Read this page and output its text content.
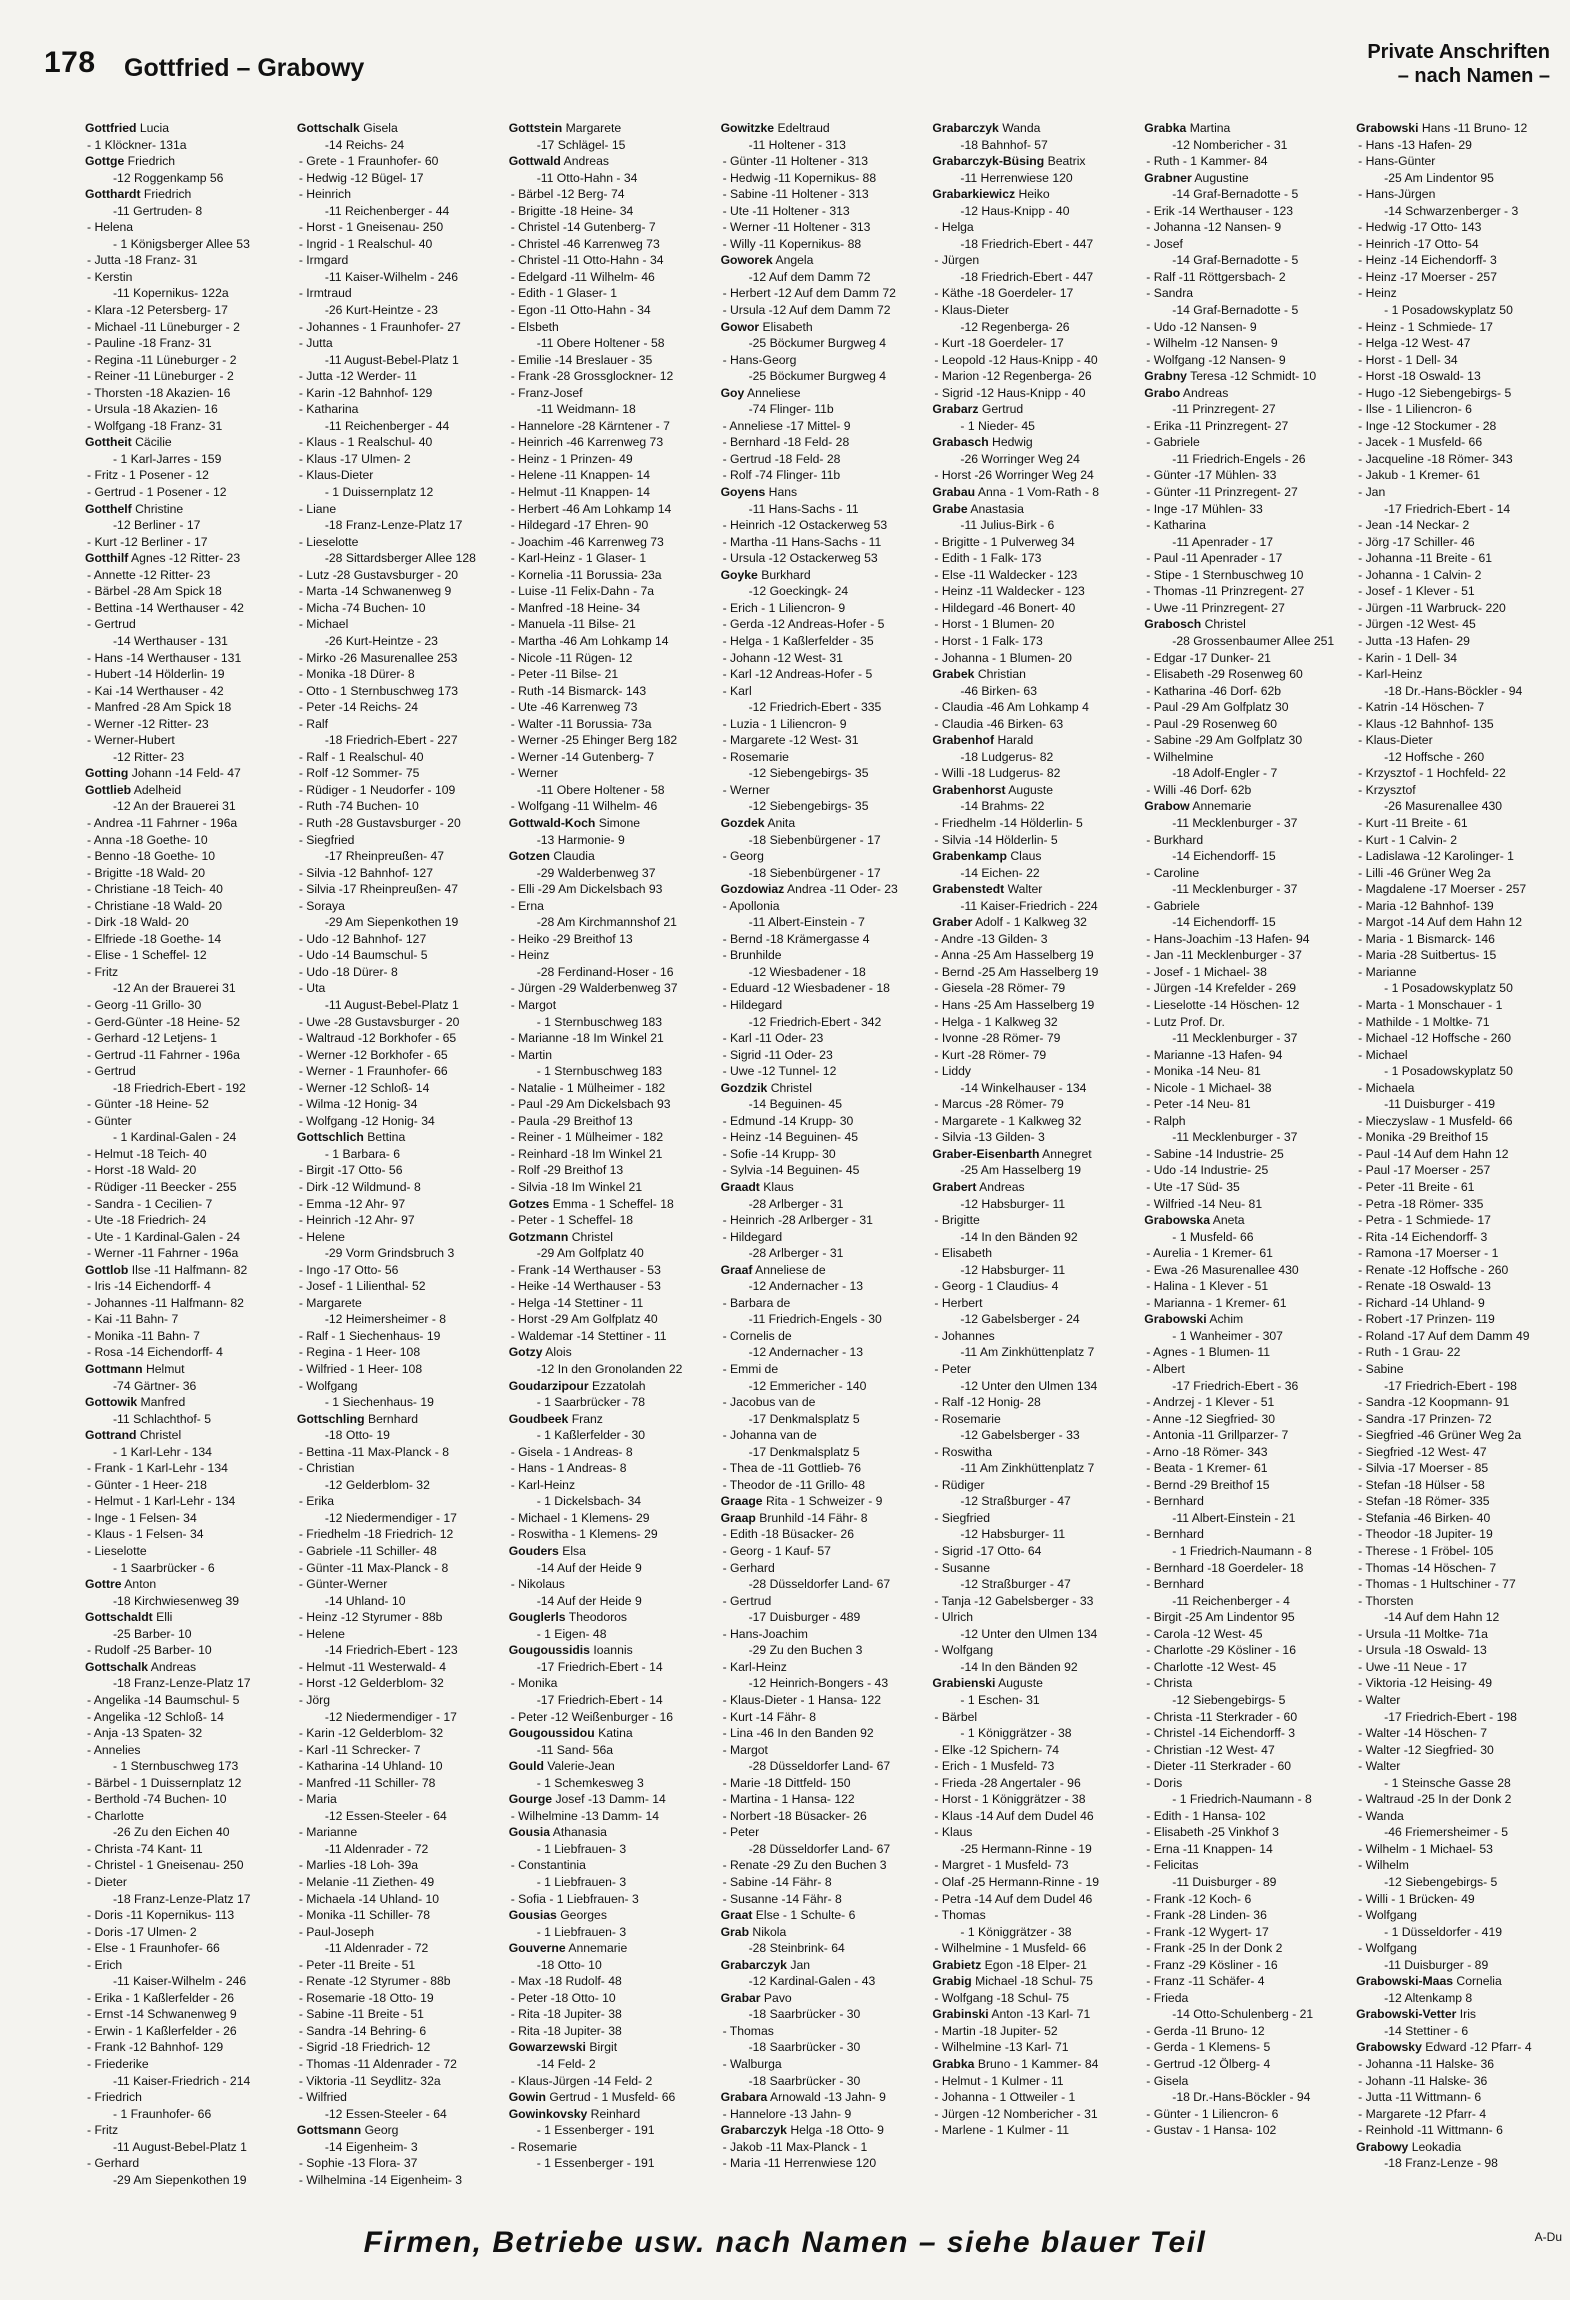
178 Gottfried – Grabowy
Private Anschriften
– nach Namen –
Gottfried Lucia
- 1 Klöckner- 131a
Gottge Friedrich
-12 Roggenkamp 56
Gotthardt Friedrich
-11 Gertruden- 8
- Helena
- 1 Königsberger Allee 53
- Jutta -18 Franz- 31
- Kerstin
-11 Kopernikus- 122a
- Klara -12 Petersberg- 17
- Michael -11 Lüneburger - 2
- Pauline -18 Franz- 31
- Regina -11 Lüneburger - 2
- Reiner -11 Lüneburger - 2
- Thorsten -18 Akazien- 16
- Ursula -18 Akazien- 16
- Wolfgang -18 Franz- 31
Gottheit Cäcilie
- 1 Karl-Jarres - 159
- Fritz - 1 Posener - 12
- Gertrud - 1 Posener - 12
Gotthelf Christine
-12 Berliner - 17
- Kurt -12 Berliner - 17
Gotthilf Agnes -12 Ritter- 23
- Annette -12 Ritter- 23
- Bärbel -28 Am Spick 18
- Bettina -14 Werthauser - 42
- Gertrud
-14 Werthauser - 131
- Hans -14 Werthauser - 131
- Hubert -14 Hölderlin- 19
- Kai -14 Werthauser - 42
- Manfred -28 Am Spick 18
- Werner -12 Ritter- 23
- Werner-Hubert
-12 Ritter- 23
Gotting Johann -14 Feld- 47
Gottlieb Adelheid
-12 An der Brauerei 31
- Andrea -11 Fahrner - 196a
- Anna -18 Goethe- 10
- Benno -18 Goethe- 10
- Brigitte -18 Wald- 20
- Christiane -18 Teich- 40
- Christiane -18 Wald- 20
- Dirk -18 Wald- 20
- Elfriede -18 Goethe- 14
- Elise - 1 Scheffel- 12
- Fritz
-12 An der Brauerei 31
- Georg -11 Grillo- 30
- Gerd-Günter -18 Heine- 52
- Gerhard -12 Letjens- 1
- Gertrud -11 Fahrner - 196a
- Gertrud
-18 Friedrich-Ebert - 192
- Günter -18 Heine- 52
- Günter
- 1 Kardinal-Galen - 24
- Helmut -18 Teich- 40
- Horst -18 Wald- 20
- Rüdiger -11 Beecker - 255
- Sandra - 1 Cecilien- 7
- Ute -18 Friedrich- 24
- Ute - 1 Kardinal-Galen - 24
- Werner -11 Fahrner - 196a
Gottlob Ilse -11 Halfmann- 82
- Iris -14 Eichendorff- 4
- Johannes -11 Halfmann- 82
- Kai -11 Bahn- 7
- Monika -11 Bahn- 7
- Rosa -14 Eichendorff- 4
Gottmann Helmut
-74 Gärtner- 36
Gottowik Manfred
-11 Schlachthof- 5
Gottrand Christel
- 1 Karl-Lehr - 134
- Frank - 1 Karl-Lehr - 134
- Günter - 1 Heer- 218
- Helmut - 1 Karl-Lehr - 134
- Inge - 1 Felsen- 34
- Klaus - 1 Felsen- 34
- Lieselotte
- 1 Saarbrücker - 6
Gottre Anton
-18 Kirchwiesenweg 39
Gottschaldt Elli
-25 Barber- 10
- Rudolf -25 Barber- 10
Gottschalk Andreas
-18 Franz-Lenze-Platz 17
- Angelika -14 Baumschul- 5
- Angelika -12 Schloß- 14
- Anja -13 Spaten- 32
- Annelies
- 1 Sternbuschweg 173
- Bärbel - 1 Duissernplatz 12
- Berthold -74 Buchen- 10
- Charlotte
-26 Zu den Eichen 40
- Christa -74 Kant- 11
- Christel - 1 Gneisenau- 250
- Dieter
-18 Franz-Lenze-Platz 17
- Doris -11 Kopernikus- 113
- Doris -17 Ulmen- 2
- Else - 1 Fraunhofer- 66
- Erich
-11 Kaiser-Wilhelm - 246
- Erika - 1 Kaßlerfelder - 26
- Ernst -14 Schwanenweg 9
- Erwin - 1 Kaßlerfelder - 26
- Frank -12 Bahnhof- 129
- Friederike
-11 Kaiser-Friedrich - 214
- Friedrich
- 1 Fraunhofer- 66
- Fritz
-11 August-Bebel-Platz 1
- Gerhard
-29 Am Siepenkothen 19
Gottschalk Gisela
-14 Reichs- 24
- Grete - 1 Fraunhofer- 60
- Hedwig -12 Bügel- 17
- Heinrich
-11 Reichenberger - 44
- Horst - 1 Gneisenau- 250
- Ingrid - 1 Realschul- 40
- Irmgard
-11 Kaiser-Wilhelm - 246
- Irmtraud
-26 Kurt-Heintze - 23
- Johannes - 1 Fraunhofer- 27
- Jutta
-11 August-Bebel-Platz 1
- Jutta -12 Werder- 11
- Karin -12 Bahnhof- 129
- Katharina
-11 Reichenberger - 44
- Klaus - 1 Realschul- 40
- Klaus -17 Ulmen- 2
- Klaus-Dieter
- 1 Duissernplatz 12
- Liane
-18 Franz-Lenze-Platz 17
- Lieselotte
-28 Sittardsberger Allee 128
- Lutz -28 Gustavsburger - 20
- Marta -14 Schwanenweg 9
- Micha -74 Buchen- 10
- Michael
-26 Kurt-Heintze - 23
- Mirko -26 Masurenallee 253
- Monika -18 Dürer- 8
- Otto - 1 Sternbuschweg 173
- Peter -14 Reichs- 24
- Ralf
-18 Friedrich-Ebert - 227
- Ralf - 1 Realschul- 40
- Rolf -12 Sommer- 75
- Rüdiger - 1 Neudorfer - 109
- Ruth -74 Buchen- 10
- Ruth -28 Gustavsburger - 20
- Siegfried
-17 Rheinpreußen- 47
- Silvia -12 Bahnhof- 127
- Silvia -17 Rheinpreußen- 47
- Soraya
-29 Am Siepenkothen 19
- Udo -12 Bahnhof- 127
- Udo -14 Baumschul- 5
- Udo -18 Dürer- 8
- Uta
-11 August-Bebel-Platz 1
- Uwe -28 Gustavsburger - 20
- Waltraud -12 Borkhofer - 65
- Werner -12 Borkhofer - 65
- Werner - 1 Fraunhofer- 66
- Werner -12 Schloß- 14
- Wilma -12 Honig- 34
- Wolfgang -12 Honig- 34
Gottschlich Bettina
- 1 Barbara- 6
- Birgit -17 Otto- 56
- Dirk -12 Wildmund- 8
- Emma -12 Ahr- 97
- Heinrich -12 Ahr- 97
- Helene
-29 Vorm Grindsbruch 3
- Ingo -17 Otto- 56
- Josef - 1 Lilienthal- 52
- Margarete
-12 Heimersheimer - 8
- Ralf - 1 Siechenhaus- 19
- Regina - 1 Heer- 108
- Wilfried - 1 Heer- 108
- Wolfgang
- 1 Siechenhaus- 19
Gottschling Bernhard
-18 Otto- 19
- Bettina -11 Max-Planck - 8
- Christian
-12 Gelderblom- 32
- Erika
-12 Niedermendiger - 17
- Friedhelm -18 Friedrich- 12
- Gabriele -11 Schiller- 48
- Günter -11 Max-Planck - 8
- Günter-Werner
-14 Uhland- 10
- Heinz -12 Styrumer - 88b
- Helene
-14 Friedrich-Ebert - 123
- Helmut -11 Westerwald- 4
- Horst -12 Gelderblom- 32
- Jörg
-12 Niedermendiger - 17
- Karin -12 Gelderblom- 32
- Karl -11 Schrecker- 7
- Katharina -14 Uhland- 10
- Manfred -11 Schiller- 78
- Maria
-12 Essen-Steeler - 64
- Marianne
-11 Aldenrader - 72
- Marlies -18 Loh- 39a
- Melanie -11 Ziethen- 49
- Michaela -14 Uhland- 10
- Monika -11 Schiller- 78
- Paul-Joseph
-11 Aldenrader - 72
- Peter -11 Breite - 51
- Renate -12 Styrumer - 88b
- Rosemarie -18 Otto- 19
- Sabine -11 Breite - 51
- Sandra -14 Behring- 6
- Sigrid -18 Friedrich- 12
- Thomas -11 Aldenrader - 72
- Viktoria -11 Seydlitz- 32a
- Wilfried
-12 Essen-Steeler - 64
Gottsmann Georg
-14 Eigenheim- 3
- Sophie -13 Flora- 37
- Wilhelmina -14 Eigenheim- 3
Gottstein Margarete
-17 Schlägel- 15
Gottwald Andreas
-11 Otto-Hahn - 34
- Bärbel -12 Berg- 74
- Brigitte -18 Heine- 34
- Christel -14 Gutenberg- 7
- Christel -46 Karrenweg 73
- Christel -11 Otto-Hahn - 34
- Edelgard -11 Wilhelm- 46
- Edith - 1 Glaser- 1
- Egon -11 Otto-Hahn - 34
- Elsbeth
-11 Obere Holtener - 58
- Emilie -14 Breslauer - 35
- Frank -28 Grossglockner- 12
- Franz-Josef
-11 Weidmann- 18
- Hannelore -28 Kärntener - 7
- Heinrich -46 Karrenweg 73
- Heinz - 1 Prinzen- 49
- Helene -11 Knappen- 14
- Helmut -11 Knappen- 14
- Herbert -46 Am Lohkamp 14
- Hildegard -17 Ehren- 90
- Joachim -46 Karrenweg 73
- Karl-Heinz - 1 Glaser- 1
- Kornelia -11 Borussia- 23a
- Luise -11 Felix-Dahn - 7a
- Manfred -18 Heine- 34
- Manuela -11 Bilse- 21
- Martha -46 Am Lohkamp 14
- Nicole -11 Rügen- 12
- Peter -11 Bilse- 21
- Ruth -14 Bismarck- 143
- Ute -46 Karrenweg 73
- Walter -11 Borussia- 73a
- Werner -25 Ehinger Berg 182
- Werner -14 Gutenberg- 7
- Werner
-11 Obere Holtener - 58
- Wolfgang -11 Wilhelm- 46
Gottwald-Koch Simone
-13 Harmonie- 9
Gotzen Claudia
-29 Walderbenweg 37
- Elli -29 Am Dickelsbach 93
- Erna
-28 Am Kirchmannshof 21
- Heiko -29 Breithof 13
- Heinz
-28 Ferdinand-Hoser - 16
- Jürgen -29 Walderbenweg 37
- Margot
- 1 Sternbuschweg 183
- Marianne -18 Im Winkel 21
- Martin
- 1 Sternbuschweg 183
- Natalie - 1 Mülheimer - 182
- Paul -29 Am Dickelsbach 93
- Paula -29 Breithof 13
- Reiner - 1 Mülheimer - 182
- Reinhard -18 Im Winkel 21
- Rolf -29 Breithof 13
- Silvia -18 Im Winkel 21
Gotzes Emma - 1 Scheffel- 18
- Peter - 1 Scheffel- 18
Gotzmann Christel
-29 Am Golfplatz 40
- Frank -14 Werthauser - 53
- Heike -14 Werthauser - 53
- Helga -14 Stettiner - 11
- Horst -29 Am Golfplatz 40
- Waldemar -14 Stettiner - 11
Gotzy Alois
-12 In den Gronolanden 22
Goudarzipour Ezzatolah
- 1 Saarbrücker - 78
Goudbeek Franz
- 1 Kaßlerfelder - 30
- Gisela - 1 Andreas- 8
- Hans - 1 Andreas- 8
- Karl-Heinz
- 1 Dickelsbach- 34
- Michael - 1 Klemens- 29
- Roswitha - 1 Klemens- 29
Gouders Elsa
-14 Auf der Heide 9
- Nikolaus
-14 Auf der Heide 9
Gouglerls Theodoros
- 1 Eigen- 48
Gougoussidis Ioannis
-17 Friedrich-Ebert - 14
- Monika
-17 Friedrich-Ebert - 14
- Peter -12 Weißenburger - 16
Gougoussidou Katina
-11 Sand- 56a
Gould Valerie-Jean
- 1 Schemkesweg 3
Gourge Josef -13 Damm- 14
- Wilhelmine -13 Damm- 14
Gousia Athanasia
- 1 Liebfrauen- 3
- Constantinia
- 1 Liebfrauen- 3
- Sofia - 1 Liebfrauen- 3
Gousias Georges
- 1 Liebfrauen- 3
Gouverne Annemarie
-18 Otto- 10
- Max -18 Rudolf- 48
- Peter -18 Otto- 10
- Rita -18 Jupiter- 38
- Rita -18 Jupiter- 38
Gowarzewski Birgit
-14 Feld- 2
- Klaus-Jürgen -14 Feld- 2
Gowin Gertrud - 1 Musfeld- 66
Gowinkovsky Reinhard
- 1 Essenberger - 191
- Rosemarie
- 1 Essenberger - 191
Gowitzke Edeltraud
-11 Holtener - 313
- Günter -11 Holtener - 313
- Hedwig -11 Kopernikus- 88
- Sabine -11 Holtener - 313
- Ute -11 Holtener - 313
- Werner -11 Holtener - 313
- Willy -11 Kopernikus- 88
Goworek Angela
-12 Auf dem Damm 72
- Herbert -12 Auf dem Damm 72
- Ursula -12 Auf dem Damm 72
Gowor Elisabeth
-25 Böckumer Burgweg 4
- Hans-Georg
-25 Böckumer Burgweg 4
Goy Anneliese
-74 Flinger- 11b
- Anneliese -17 Mittel- 9
- Bernhard -18 Feld- 28
- Gertrud -18 Feld- 28
- Rolf -74 Flinger- 11b
Goyens Hans
-11 Hans-Sachs - 11
- Heinrich -12 Ostackerweg 53
- Martha -11 Hans-Sachs - 11
- Ursula -12 Ostackerweg 53
Goyke Burkhard
-12 Goeckingk- 24
- Erich - 1 Liliencron- 9
- Gerda -12 Andreas-Hofer - 5
- Helga - 1 Kaßlerfelder - 35
- Johann -12 West- 31
- Karl -12 Andreas-Hofer - 5
- Karl
-12 Friedrich-Ebert - 335
- Luzia - 1 Liliencron- 9
- Margarete -12 West- 31
- Rosemarie
-12 Siebengebirgs- 35
- Werner
-12 Siebengebirgs- 35
Gozdek Anita
-18 Siebenbürgener - 17
- Georg
-18 Siebenbürgener - 17
Gozdowiaz Andrea -11 Oder- 23
- Apollonia
-11 Albert-Einstein - 7
- Bernd -18 Krämergasse 4
- Brunhilde
-12 Wiesbadener - 18
- Eduard -12 Wiesbadener - 18
- Hildegard
-12 Friedrich-Ebert - 342
- Karl -11 Oder- 23
- Sigrid -11 Oder- 23
- Uwe -12 Tunnel- 12
Gozdzik Christel
-14 Beguinen- 45
- Edmund -14 Krupp- 30
- Heinz -14 Beguinen- 45
- Sofie -14 Krupp- 30
- Sylvia -14 Beguinen- 45
Graadt Klaus
-28 Arlberger - 31
- Heinrich -28 Arlberger - 31
- Hildegard
-28 Arlberger - 31
Graaf Anneliese de
-12 Andernacher - 13
- Barbara de
-11 Friedrich-Engels - 30
- Cornelis de
-12 Andernacher - 13
- Emmi de
-12 Emmericher - 140
- Jacobus van de
-17 Denkmalsplatz 5
- Johanna van de
-17 Denkmalsplatz 5
- Thea de -11 Gottlieb- 76
- Theodor de -11 Grillo- 48
Graage Rita - 1 Schweizer - 9
Graap Brunhild -14 Fähr- 8
- Edith -18 Büsacker- 26
- Georg - 1 Kauf- 57
- Gerhard
-28 Düsseldorfer Land- 67
- Gertrud
-17 Duisburger - 489
- Hans-Joachim
-29 Zu den Buchen 3
- Karl-Heinz
-12 Heinrich-Bongers - 43
- Klaus-Dieter - 1 Hansa- 122
- Kurt -14 Fähr- 8
- Lina -46 In den Banden 92
- Margot
-28 Düsseldorfer Land- 67
- Marie -18 Dittfeld- 150
- Martina - 1 Hansa- 122
- Norbert -18 Büsacker- 26
- Peter
-28 Düsseldorfer Land- 67
- Renate -29 Zu den Buchen 3
- Sabine -14 Fähr- 8
- Susanne -14 Fähr- 8
Graat Else - 1 Schulte- 6
Grab Nikola
-28 Steinbrink- 64
Grabarczyk Jan
-12 Kardinal-Galen - 43
Grabar Pavo
-18 Saarbrücker - 30
- Thomas
-18 Saarbrücker - 30
- Walburga
-18 Saarbrücker - 30
Grabara Arnowald -13 Jahn- 9
- Hannelore -13 Jahn- 9
Grabarczyk Helga -18 Otto- 9
- Jakob -11 Max-Planck - 1
- Maria -11 Herrenwiese 120
Grabarczyk Wanda
-18 Bahnhof- 57
Grabarczyk-Büsing Beatrix
-11 Herrenwiese 120
Grabarkiewicz Heiko
-12 Haus-Knipp - 40
- Helga
-18 Friedrich-Ebert - 447
- Jürgen
-18 Friedrich-Ebert - 447
- Käthe -18 Goerdeler- 17
- Klaus-Dieter
-12 Regenberga- 26
- Kurt -18 Goerdeler- 17
- Leopold -12 Haus-Knipp - 40
- Marion -12 Regenberga- 26
- Sigrid -12 Haus-Knipp - 40
Grabarz Gertrud
- 1 Nieder- 45
Grabasch Hedwig
-26 Worringer Weg 24
- Horst -26 Worringer Weg 24
Grabau Anna - 1 Vom-Rath - 8
Grabe Anastasia
-11 Julius-Birk - 6
- Brigitte - 1 Pulverweg 34
- Edith - 1 Falk- 173
- Else -11 Waldecker - 123
- Heinz -11 Waldecker - 123
- Hildegard -46 Bonert- 40
- Horst - 1 Blumen- 20
- Horst - 1 Falk- 173
- Johanna - 1 Blumen- 20
Grabek Christian
-46 Birken- 63
- Claudia -46 Am Lohkamp 4
- Claudia -46 Birken- 63
Grabenhof Harald
-18 Ludgerus- 82
- Willi -18 Ludgerus- 82
Grabenhorst Auguste
-14 Brahms- 22
- Friedhelm -14 Hölderlin- 5
- Silvia -14 Hölderlin- 5
Grabenkamp Claus
-14 Eichen- 22
Grabenstedt Walter
-11 Kaiser-Friedrich - 224
Graber Adolf - 1 Kalkweg 32
- Andre -13 Gilden- 3
- Anna -25 Am Hasselberg 19
- Bernd -25 Am Hasselberg 19
- Giesela -28 Römer- 79
- Hans -25 Am Hasselberg 19
- Helga - 1 Kalkweg 32
- Ivonne -28 Römer- 79
- Kurt -28 Römer- 79
- Liddy
-14 Winkelhauser - 134
- Marcus -28 Römer- 79
- Margarete - 1 Kalkweg 32
- Silvia -13 Gilden- 3
Graber-Eisenbarth Annegret
-25 Am Hasselberg 19
Grabert Andreas
-12 Habsburger- 11
- Brigitte
-14 In den Bänden 92
- Elisabeth
-12 Habsburger- 11
- Georg - 1 Claudius- 4
- Herbert
-12 Gabelsberger - 24
- Johannes
-11 Am Zinkhüttenplatz 7
- Peter
-12 Unter den Ulmen 134
- Ralf -12 Honig- 28
- Rosemarie
-12 Gabelsberger - 33
- Roswitha
-11 Am Zinkhüttenplatz 7
- Rüdiger
-12 Straßburger - 47
- Siegfried
-12 Habsburger- 11
- Sigrid -17 Otto- 64
- Susanne
-12 Straßburger - 47
- Tanja -12 Gabelsberger - 33
- Ulrich
-12 Unter den Ulmen 134
- Wolfgang
-14 In den Bänden 92
Grabienski Auguste
- 1 Eschen- 31
- Bärbel
- 1 Königgrätzer - 38
- Elke -12 Spichern- 74
- Erich - 1 Musfeld- 73
- Frieda -28 Angertaler - 96
- Horst - 1 Königgrätzer - 38
- Klaus -14 Auf dem Dudel 46
- Klaus
-25 Hermann-Rinne - 19
- Margret - 1 Musfeld- 73
- Olaf -25 Hermann-Rinne - 19
- Petra -14 Auf dem Dudel 46
- Thomas
- 1 Königgrätzer - 38
- Wilhelmine - 1 Musfeld- 66
Grabietz Egon -18 Elper- 21
Grabig Michael -18 Schul- 75
- Wolfgang -18 Schul- 75
Grabinski Anton -13 Karl- 71
- Martin -18 Jupiter- 52
- Wilhelmine -13 Karl- 71
Grabka Bruno - 1 Kammer- 84
- Helmut - 1 Kulmer - 11
- Johanna - 1 Ottweiler - 1
- Jürgen -12 Nombericher - 31
- Marlene - 1 Kulmer - 11
Grabka Martina
-12 Nombericher - 31
- Ruth - 1 Kammer- 84
Grabner Augustine
-14 Graf-Bernadotte - 5
- Erik -14 Werthauser - 123
- Johanna -12 Nansen- 9
- Josef
-14 Graf-Bernadotte - 5
- Ralf -11 Röttgersbach- 2
- Sandra
-14 Graf-Bernadotte - 5
- Udo -12 Nansen- 9
- Wilhelm -12 Nansen- 9
- Wolfgang -12 Nansen- 9
Grabny Teresa -12 Schmidt- 10
Grabo Andreas
-11 Prinzregent- 27
- Erika -11 Prinzregent- 27
- Gabriele
-11 Friedrich-Engels - 26
- Günter -17 Mühlen- 33
- Günter -11 Prinzregent- 27
- Inge -17 Mühlen- 33
- Katharina
-11 Apenrader - 17
- Paul -11 Apenrader - 17
- Stipe - 1 Sternbuschweg 10
- Thomas -11 Prinzregent- 27
- Uwe -11 Prinzregent- 27
Grabosch Christel
-28 Grossenbaumer Allee 251
- Edgar -17 Dunker- 21
- Elisabeth -29 Rosenweg 60
- Katharina -46 Dorf- 62b
- Paul -29 Am Golfplatz 30
- Paul -29 Rosenweg 60
- Sabine -29 Am Golfplatz 30
- Wilhelmine
-18 Adolf-Engler - 7
- Willi -46 Dorf- 62b
Grabow Annemarie
-11 Mecklenburger - 37
- Burkhard
-14 Eichendorff- 15
- Caroline
-11 Mecklenburger - 37
- Gabriele
-14 Eichendorff- 15
- Hans-Joachim -13 Hafen- 94
- Jan -11 Mecklenburger - 37
- Josef - 1 Michael- 38
- Jürgen -14 Krefelder - 269
- Lieselotte -14 Höschen- 12
- Lutz Prof. Dr.
-11 Mecklenburger - 37
- Marianne -13 Hafen- 94
- Monika -14 Neu- 81
- Nicole - 1 Michael- 38
- Peter -14 Neu- 81
- Ralph
-11 Mecklenburger - 37
- Sabine -14 Industrie- 25
- Udo -14 Industrie- 25
- Ute -17 Süd- 35
- Wilfried -14 Neu- 81
Grabowska Aneta
- 1 Musfeld- 66
- Aurelia - 1 Kremer- 61
- Ewa -26 Masurenallee 430
- Halina - 1 Klever - 51
- Marianna - 1 Kremer- 61
Grabowski Achim
- 1 Wanheimer - 307
- Agnes - 1 Blumen- 11
- Albert
-17 Friedrich-Ebert - 36
- Andrzej - 1 Klever - 51
- Anne -12 Siegfried- 30
- Antonia -11 Grillparzer- 7
- Arno -18 Römer- 343
- Beata - 1 Kremer- 61
- Bernd -29 Breithof 15
- Bernhard
-11 Albert-Einstein - 21
- Bernhard
- 1 Friedrich-Naumann - 8
- Bernhard -18 Goerdeler- 18
- Bernhard
-11 Reichenberger - 4
- Birgit -25 Am Lindentor 95
- Carola -12 West- 45
- Charlotte -29 Kösliner - 16
- Charlotte -12 West- 45
- Christa
-12 Siebengebirgs- 5
- Christa -11 Sterkrader - 60
- Christel -14 Eichendorff- 3
- Christian -12 West- 47
- Dieter -11 Sterkrader - 60
- Doris
- 1 Friedrich-Naumann - 8
- Edith - 1 Hansa- 102
- Elisabeth -25 Vinkhof 3
- Erna -11 Knappen- 14
- Felicitas
-11 Duisburger - 89
- Frank -12 Koch- 6
- Frank -28 Linden- 36
- Frank -12 Wygert- 17
- Frank -25 In der Donk 2
- Franz -29 Kösliner - 16
- Franz -11 Schäfer- 4
- Frieda
-14 Otto-Schulenberg - 21
- Gerda -11 Bruno- 12
- Gerda - 1 Klemens- 5
- Gertrud -12 Ölberg- 4
- Gisela
-18 Dr.-Hans-Böckler - 94
- Günter - 1 Liliencron- 6
- Gustav - 1 Hansa- 102
Grabowski Hans -11 Bruno- 12
- Hans -13 Hafen- 29
- Hans-Günter
-25 Am Lindentor 95
- Hans-Jürgen
-14 Schwarzenberger - 3
- Hedwig -17 Otto- 143
- Heinrich -17 Otto- 54
- Heinz -14 Eichendorff- 3
- Heinz -17 Moerser - 257
- Heinz
- 1 Posadowskyplatz 50
- Heinz - 1 Schmiede- 17
- Helga -12 West- 47
- Horst - 1 Dell- 34
- Horst -18 Oswald- 13
- Hugo -12 Siebengebirgs- 5
- Ilse - 1 Liliencron- 6
- Inge -12 Stockumer - 28
- Jacek - 1 Musfeld- 66
- Jacqueline -18 Römer- 343
- Jakub - 1 Kremer- 61
- Jan
-17 Friedrich-Ebert - 14
- Jean -14 Neckar- 2
- Jörg -17 Schiller- 46
- Johanna -11 Breite - 61
- Johanna - 1 Calvin- 2
- Josef - 1 Klever - 51
- Jürgen -11 Warbruck- 220
- Jürgen -12 West- 45
- Jutta -13 Hafen- 29
- Karin - 1 Dell- 34
- Karl-Heinz
-18 Dr.-Hans-Böckler - 94
- Katrin -14 Höschen- 7
- Klaus -12 Bahnhof- 135
- Klaus-Dieter
-12 Hoffsche - 260
- Krzysztof - 1 Hochfeld- 22
- Krzysztof
-26 Masurenallee 430
- Kurt -11 Breite - 61
- Kurt - 1 Calvin- 2
- Ladislawa -12 Karolinger- 1
- Lilli -46 Grüner Weg 2a
- Magdalene -17 Moerser - 257
- Maria -12 Bahnhof- 139
- Margot -14 Auf dem Hahn 12
- Maria - 1 Bismarck- 146
- Maria -28 Suitbertus- 15
- Marianne
- 1 Posadowskyplatz 50
- Marta - 1 Monschauer - 1
- Mathilde - 1 Moltke- 71
- Michael -12 Hoffsche - 260
- Michael
- 1 Posadowskyplatz 50
- Michaela
-11 Duisburger - 419
- Mieczyslaw - 1 Musfeld- 66
- Monika -29 Breithof 15
- Paul -14 Auf dem Hahn 12
- Paul -17 Moerser - 257
- Peter -11 Breite - 61
- Petra -18 Römer- 335
- Petra - 1 Schmiede- 17
- Rita -14 Eichendorff- 3
- Ramona -17 Moerser - 1
- Renate -12 Hoffsche - 260
- Renate -18 Oswald- 13
- Richard -14 Uhland- 9
- Robert -17 Prinzen- 119
- Roland -17 Auf dem Damm 49
- Ruth - 1 Grau- 22
- Sabine
-17 Friedrich-Ebert - 198
- Sandra -12 Koopmann- 91
- Sandra -17 Prinzen- 72
- Siegfried -46 Grüner Weg 2a
- Siegfried -12 West- 47
- Silvia -17 Moerser - 85
- Stefan -18 Hülser - 58
- Stefan -18 Römer- 335
- Stefania -46 Birken- 40
- Theodor -18 Jupiter- 19
- Therese - 1 Fröbel- 105
- Thomas -14 Höschen- 7
- Thomas - 1 Hultschiner - 77
- Thorsten
-14 Auf dem Hahn 12
- Ursula -11 Moltke- 71a
- Ursula -18 Oswald- 13
- Uwe -11 Neue - 17
- Viktoria -12 Heising- 49
- Walter
-17 Friedrich-Ebert - 198
- Walter -14 Höschen- 7
- Walter -12 Siegfried- 30
- Walter
- 1 Steinsche Gasse 28
- Waltraud -25 In der Donk 2
- Wanda
-46 Friemersheimer - 5
- Wilhelm - 1 Michael- 53
- Wilhelm
-12 Siebengebirgs- 5
- Willi - 1 Brücken- 49
- Wolfgang
- 1 Düsseldorfer - 419
- Wolfgang
-11 Duisburger - 89
Grabowski-Maas Cornelia
-12 Altenkamp 8
Grabowski-Vetter Iris
-14 Stettiner - 6
Grabowsky Edward -12 Pfarr- 4
- Johanna -11 Halske- 36
- Johann -11 Halske- 36
- Jutta -11 Wittmann- 6
- Margarete -12 Pfarr- 4
- Reinhold -11 Wittmann- 6
Grabowy Leokadia
-18 Franz-Lenze - 98
Firmen, Betriebe usw. nach Namen – siehe blauer Teil	A-Du
